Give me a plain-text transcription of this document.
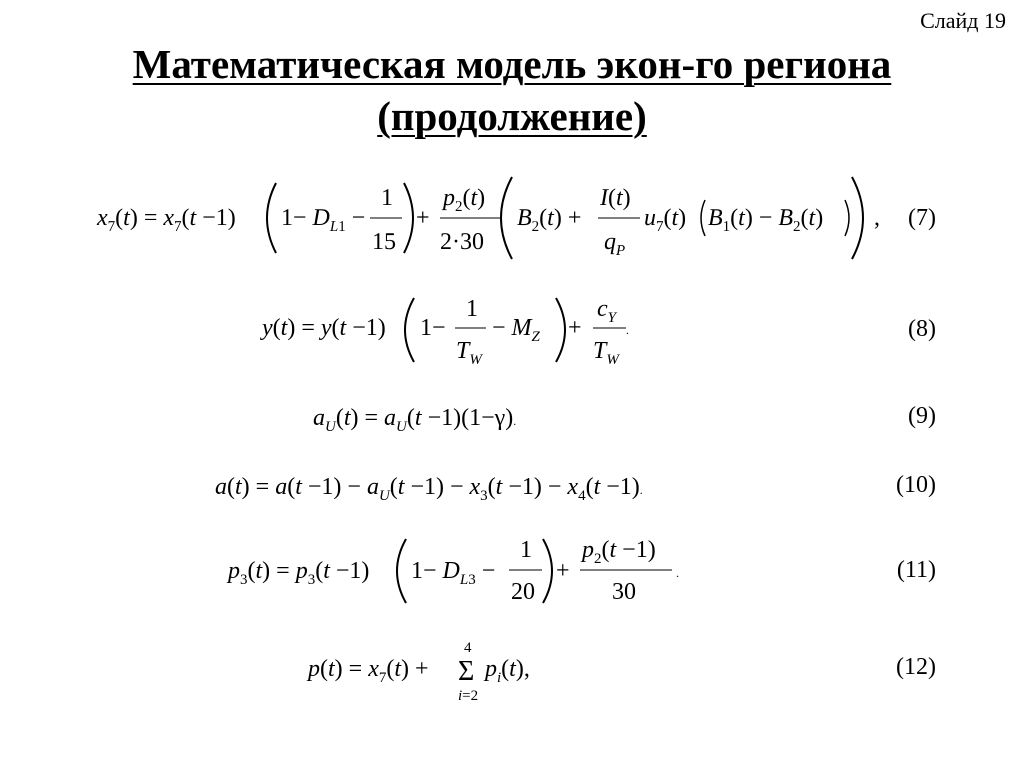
Слайд 19
Математическая модель экон-го региона
(продолжение)
$x_7(t) = x_7(t -1)$ $1- D_L1$ −
1
15
+
$p_2(t)$
2·30
$B_2(t)$ +
I(t)
$q_P$
$u_7(t) B_1(t) - B_2(t)$ , (7)
y(t) = y(t −1) 1−
1
$T_W$
− $M_Z$ +
$c_Y$
$T_W$
.	(8)
$a_U(t) = a_U(t -1)(1-\gamma)$.	(9)
$a(t) = a(t -1) - a_U(t -1) - x_3(t -1) - x_4(t -1)$.	(10)
$p_3(t) = p_3(t -1)$ $1- D_L3$ −
1
20
+
$p_2(t -1)$
30
.	(11)
$p(t) = x_7(t)$ +
4
Σ
i=2
$p_i(t)$,	(12)
